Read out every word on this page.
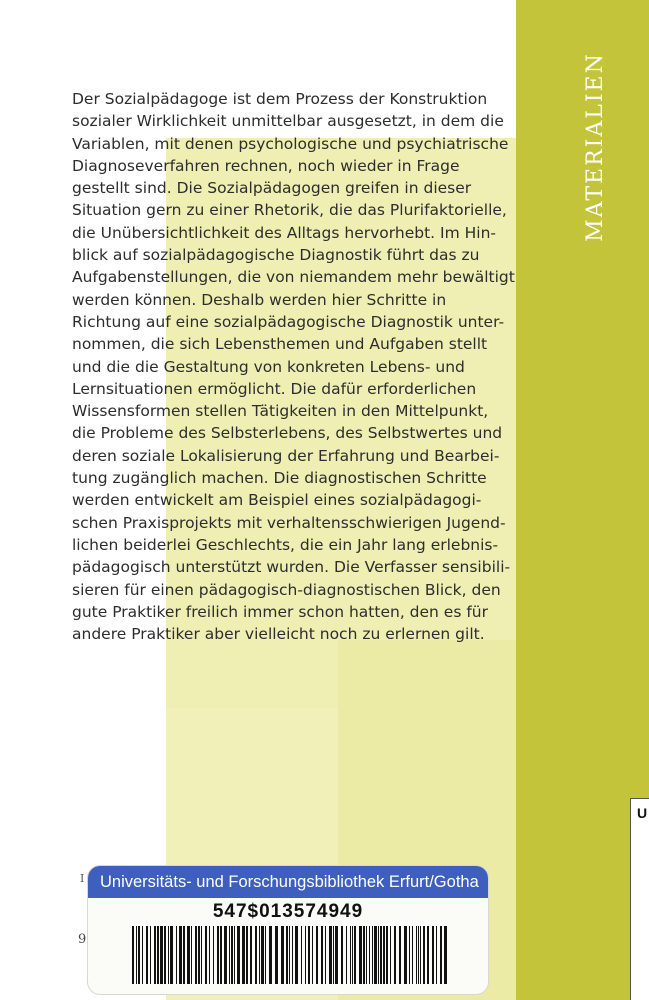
MATERIALIEN
Der Sozialpädagoge ist dem Prozess der Konstruktion
sozialer Wirklichkeit unmittelbar ausgesetzt, in dem die
Variablen, mit denen psychologische und psychiatrische
Diagnoseverfahren rechnen, noch wieder in Frage
gestellt sind. Die Sozialpädagogen greifen in dieser
Situation gern zu einer Rhetorik, die das Plurifaktorielle,
die Unübersichtlichkeit des Alltags hervorhebt. Im Hin-
blick auf sozialpädagogische Diagnostik führt das zu
Aufgabenstellungen, die von niemandem mehr bewältigt
werden können. Deshalb werden hier Schritte in
Richtung auf eine sozialpädagogische Diagnostik unter-
nommen, die sich Lebensthemen und Aufgaben stellt
und die die Gestaltung von konkreten Lebens- und
Lernsituationen ermöglicht. Die dafür erforderlichen
Wissensformen stellen Tätigkeiten in den Mittelpunkt,
die Probleme des Selbsterlebens, des Selbstwertes und
deren soziale Lokalisierung der Erfahrung und Bearbei-
tung zugänglich machen. Die diagnostischen Schritte
werden entwickelt am Beispiel eines sozialpädagogi-
schen Praxisprojekts mit verhaltensschwierigen Jugend-
lichen beiderlei Geschlechts, die ein Jahr lang erlebnis-
pädagogisch unterstützt wurden. Die Verfasser sensibili-
sieren für einen pädagogisch-diagnostischen Blick, den
gute Praktiker freilich immer schon hatten, den es für
andere Praktiker aber vielleicht noch zu erlernen gilt.
I
9
Universitäts- und Forschungsbibliothek Erfurt/Gotha
547$013574949
U
